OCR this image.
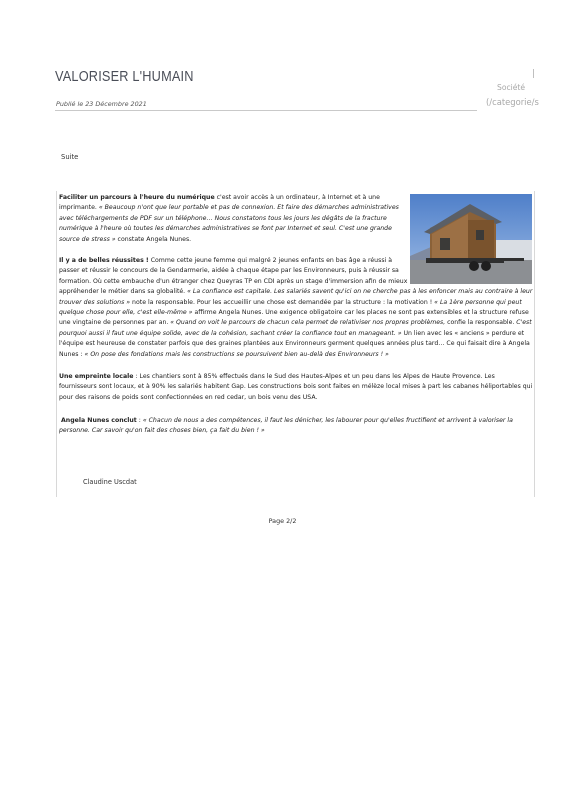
VALORISER L'HUMAIN
Publié le 23 Décembre 2021
Société
(/categorie/s
Suite
Faciliter un parcours à l'heure du numérique c'est avoir accès à un ordinateur, à Internet et à une
imprimante. « Beaucoup n'ont que leur portable et pas de connexion. Et faire des démarches administratives
avec téléchargements de PDF sur un téléphone… Nous constatons tous les jours les dégâts de la fracture
numérique à l'heure où toutes les démarches administratives se font par Internet et seul. C'est une grande
source de stress » constate Angela Nunes.
Il y a de belles réussites ! Comme cette jeune femme qui malgré 2 jeunes enfants en bas âge a réussi à
passer et réussir le concours de la Gendarmerie, aidée à chaque étape par les Environneurs, puis à réussir sa
formation. Où cette embauche d'un étranger chez Queyras TP en CDI après un stage d'immersion afin de mieux
appréhender le métier dans sa globalité. « La confiance est capitale. Les salariés savent qu'ici on ne cherche pas à les enfoncer mais au contraire à leur
trouver des solutions » note la responsable. Pour les accueillir une chose est demandée par la structure : la motivation ! « La 1ère personne qui peut
quelque chose pour elle, c'est elle-même » affirme Angela Nunes. Une exigence obligatoire car les places ne sont pas extensibles et la structure refuse
une vingtaine de personnes par an. « Quand on voit le parcours de chacun cela permet de relativiser nos propres problèmes, confie la responsable. C'est
pourquoi aussi il faut une équipe solide, avec de la cohésion, sachant créer la confiance tout en manageant. » Un lien avec les « anciens » perdure et
l'équipe est heureuse de constater parfois que des graines plantées aux Environneurs germent quelques années plus tard… Ce qui faisait dire à Angela
Nunes : « On pose des fondations mais les constructions se poursuivent bien au-delà des Environneurs ! »
Une empreinte locale : Les chantiers sont à 85% effectués dans le Sud des Hautes-Alpes et un peu dans les Alpes de Haute Provence. Les
fournisseurs sont locaux, et à 90% les salariés habitent Gap. Les constructions bois sont faites en mélèze local mises à part les cabanes héliportables qui
pour des raisons de poids sont confectionnées en red cedar, un bois venu des USA.
Angela Nunes conclut : « Chacun de nous a des compétences, il faut les dénicher, les labourer pour qu'elles fructifient et arrivent à valoriser la
personne. Car savoir qu'on fait des choses bien, ça fait du bien ! »
Claudine Uscdat
Page 2/2
